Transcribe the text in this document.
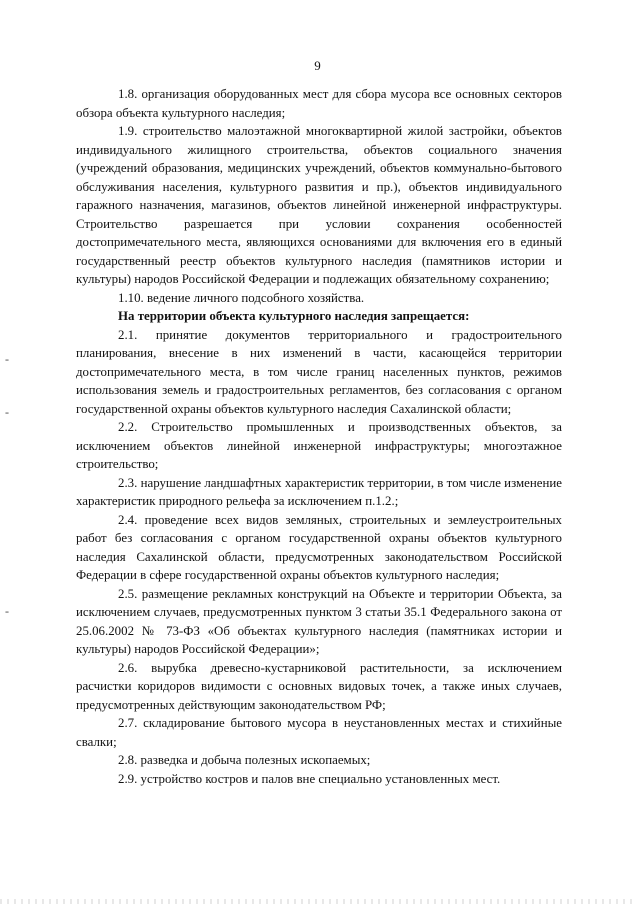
9
-
-
-

1.8. организация оборудованных мест для сбора мусора все основных секторов обзора объекта культурного наследия;

1.9. строительство малоэтажной многоквартирной жилой застройки, объектов индивидуального жилищного строительства, объектов социального значения (учреждений образования, медицинских учреждений, объектов коммунально-бытового обслуживания населения, культурного развития и пр.), объектов индивидуального гаражного назначения, магазинов, объектов линейной инженерной инфраструктуры. Строительство разрешается при условии сохранения особенностей достопримечательного места, являющихся основаниями для включения его в единый государственный реестр объектов культурного наследия (памятников истории и культуры) народов Российской Федерации и подлежащих обязательному сохранению;

1.10. ведение личного подсобного хозяйства.

На территории объекта культурного наследия запрещается:

2.1. принятие документов территориального и градостроительного планирования, внесение в них изменений в части, касающейся территории достопримечательного места, в том числе границ населенных пунктов, режимов использования земель и градостроительных регламентов, без согласования с органом государственной охраны объектов культурного наследия Сахалинской области;

2.2. Строительство промышленных и производственных объектов, за исключением объектов линейной инженерной инфраструктуры; многоэтажное строительство;

2.3. нарушение ландшафтных характеристик территории, в том числе изменение характеристик природного рельефа за исключением п.1.2.;

2.4. проведение всех видов земляных, строительных и землеустроительных работ без согласования с органом государственной охраны объектов культурного наследия Сахалинской области, предусмотренных законодательством Российской Федерации в сфере государственной охраны объектов культурного наследия;

2.5. размещение рекламных конструкций на Объекте и территории Объекта, за исключением случаев, предусмотренных пунктом 3 статьи 35.1 Федерального закона от 25.06.2002 № 73-ФЗ «Об объектах культурного наследия (памятниках истории и культуры) народов Российской Федерации»;

2.6. вырубка древесно-кустарниковой растительности, за исключением расчистки коридоров видимости с основных видовых точек, а также иных случаев, предусмотренных действующим законодательством РФ;

2.7. складирование бытового мусора в неустановленных местах и стихийные свалки;

2.8. разведка и добыча полезных ископаемых;

2.9. устройство костров и палов вне специально установленных мест.
